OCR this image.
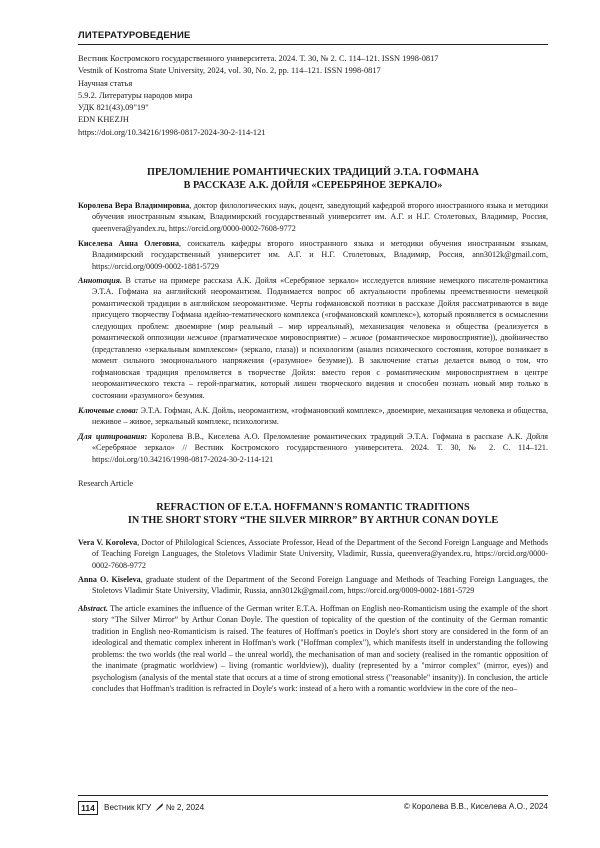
ЛИТЕРАТУРОВЕДЕНИЕ
Вестник Костромского государственного университета. 2024. Т. 30, № 2. С. 114–121. ISSN 1998-0817
Vestnik of Kostroma State University, 2024, vol. 30, No. 2, pp. 114–121. ISSN 1998-0817
Научная статья
5.9.2. Литературы народов мира
УДК 821(43).09"19"
EDN KHEZJH
https://doi.org/10.34216/1998-0817-2024-30-2-114-121
ПРЕЛОМЛЕНИЕ РОМАНТИЧЕСКИХ ТРАДИЦИЙ Э.Т.А. ГОФМАНА
В РАССКАЗЕ А.К. ДОЙЛЯ «СЕРЕБРЯНОЕ ЗЕРКАЛО»
Королева Вера Владимировна, доктор филологических наук, доцент, заведующий кафедрой второго иностранного языка и методики обучения иностранным языкам, Владимирский государственный университет им. А.Г. и Н.Г. Столетовых, Владимир, Россия, queenvera@yandex.ru, https://orcid.org/0000-0002-7608-9772
Киселева Анна Олеговна, соискатель кафедры второго иностранного языка и методики обучения иностранным языкам, Владимирский государственный университет им. А.Г. и Н.Г. Столетовых, Владимир, Россия, ann3012k@gmail.com, https://orcid.org/0009-0002-1881-5729
Аннотация. В статье на примере рассказа А.К. Дойля «Серебряное зеркало» исследуется влияние немецкого писателя-романтика Э.Т.А. Гофмана на английский неоромантизм. Поднимается вопрос об актуальности проблемы преемственности немецкой романтической традиции в английском неоромантизме. Черты гофмановской поэтики в рассказе Дойля рассматриваются в виде присущего творчеству Гофмана идейно-тематического комплекса («гофмановский комплекс»), который проявляется в осмыслении следующих проблем: двоемирие (мир реальный – мир ирреальный), механизация человека и общества (реализуется в романтической оппозиции неживое (прагматическое мировосприятие) – живое (романтическое мировосприятие)), двойничество (представлено «зеркальным комплексом» (зеркало, глаза)) и психологизм (анализ психического состояния, которое возникает в момент сильного эмоционального напряжения («разумное» безумие)). В заключение статьи делается вывод о том, что гофмановская традиция преломляется в творчестве Дойля: вместо героя с романтическим мировосприятием в центре неоромантического текста – герой-прагматик, который лишен творческого видения и способен познать новый мир только в состоянии «разумного» безумия.
Ключевые слова: Э.Т.А. Гофман, А.К. Дойль, неоромантизм, «гофмановский комплекс», двоемирие, механизация человека и общества, неживое – живое, зеркальный комплекс, психологизм.
Для цитирования: Королева В.В., Киселева А.О. Преломление романтических традиций Э.Т.А. Гофмана в рассказе А.К. Дойля «Серебряное зеркало» // Вестник Костромского государственного университета. 2024. Т. 30, № 2. С. 114–121. https://doi.org/10.34216/1998-0817-2024-30-2-114-121
Research Article
REFRACTION OF E.T.A. HOFFMANN'S ROMANTIC TRADITIONS
IN THE SHORT STORY “THE SILVER MIRROR” BY ARTHUR CONAN DOYLE
Vera V. Koroleva, Doctor of Philological Sciences, Associate Professor, Head of the Department of the Second Foreign Language and Methods of Teaching Foreign Languages, the Stoletovs Vladimir State University, Vladimir, Russia, queenvera@yandex.ru, https://orcid.org/0000-0002-7608-9772
Anna O. Kiseleva, graduate student of the Department of the Second Foreign Language and Methods of Teaching Foreign Languages, the Stoletovs Vladimir State University, Vladimir, Russia, ann3012k@gmail.com, https://orcid.org/0009-0002-1881-5729
Abstract. The article examines the influence of the German writer E.T.A. Hoffman on English neo-Romanticism using the example of the short story “The Silver Mirror” by Arthur Conan Doyle. The question of topicality of the question of the continuity of the German romantic tradition in English neo-Romanticism is raised. The features of Hoffman's poetics in Doyle's short story are considered in the form of an ideological and thematic complex inherent in Hoffman's work ("Hoffman complex"), which manifests itself in understanding the following problems: the two worlds (the real world – the unreal world), the mechanisation of man and society (realised in the romantic opposition of the inanimate (pragmatic worldview) – living (romantic worldview)), duality (represented by a "mirror complex" (mirror, eyes)) and psychologism (analysis of the mental state that occurs at a time of strong emotional stress ("reasonable" insanity)). In conclusion, the article concludes that Hoffman's tradition is refracted in Doyle's work: instead of a hero with a romantic worldview in the core of the neo–
114	Вестник КГУ № 2, 2024	© Королева В.В., Киселева А.О., 2024
